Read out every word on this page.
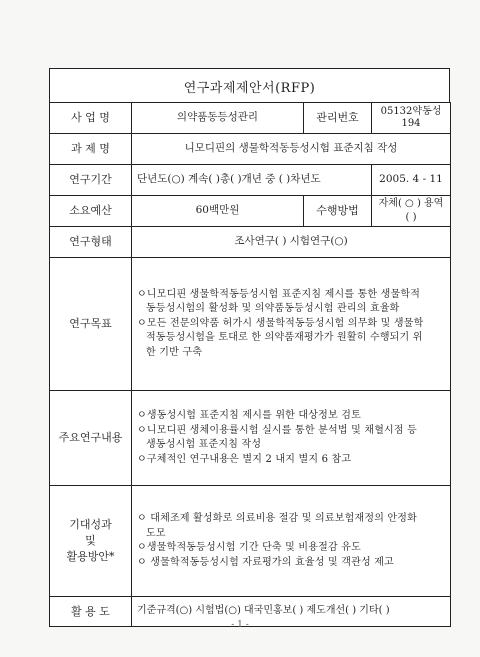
연구과제제안서(RFP)
사 업 명	의약품동등성관리	관리번호	05132약동성
194

과 제 명	니모디핀의 생물학적동등성시험 표준지침 작성		
연구기간	단년도(○) 계속( )총( )개년 중 ( )차년도		2005. 4 - 11
소요예산	60백만원	수행방법	자체( ○ ) 용역( )
연구형태	조사연구( ) 시험연구(○)		
연구목표	ㅇ니모디핀 생물학적동등성시험 표준지침 제시를 통한 생물학적
동등성시험의 활성화 및 의약품동등성시험 관리의 효율화
ㅇ모든 전문의약품 허가시 생물학적동등성시험 의무화 및 생물학
적동등성시험을 토대로 한 의약품재평가가 원활히 수행되기 위
한 기반 구축		

주요연구내용	ㅇ생동성시험 표준지침 제시를 위한 대상정보 검토
ㅇ니모디핀 생체이용률시험 실시를 통한 분석법 및 채혈시점 등
생동성시험 표준지침 작성
ㅇ구체적인 연구내용은 별지 2 내지 별지 6 참고		

기대성과
및
활용방안*	ㅇ 대체조제 활성화로 의료비용 절감 및 의료보험재정의 안정화
도모
ㅇ생물학적동등성시험 기간 단축 및 비용절감 유도
ㅇ 생물학적동등성시험 자료평가의 효율성 및 객관성 제고		

활 용 도	기준규격(○) 시험법(○) 대국민홍보( ) 제도개선( ) 기타( )		
- 1 -
